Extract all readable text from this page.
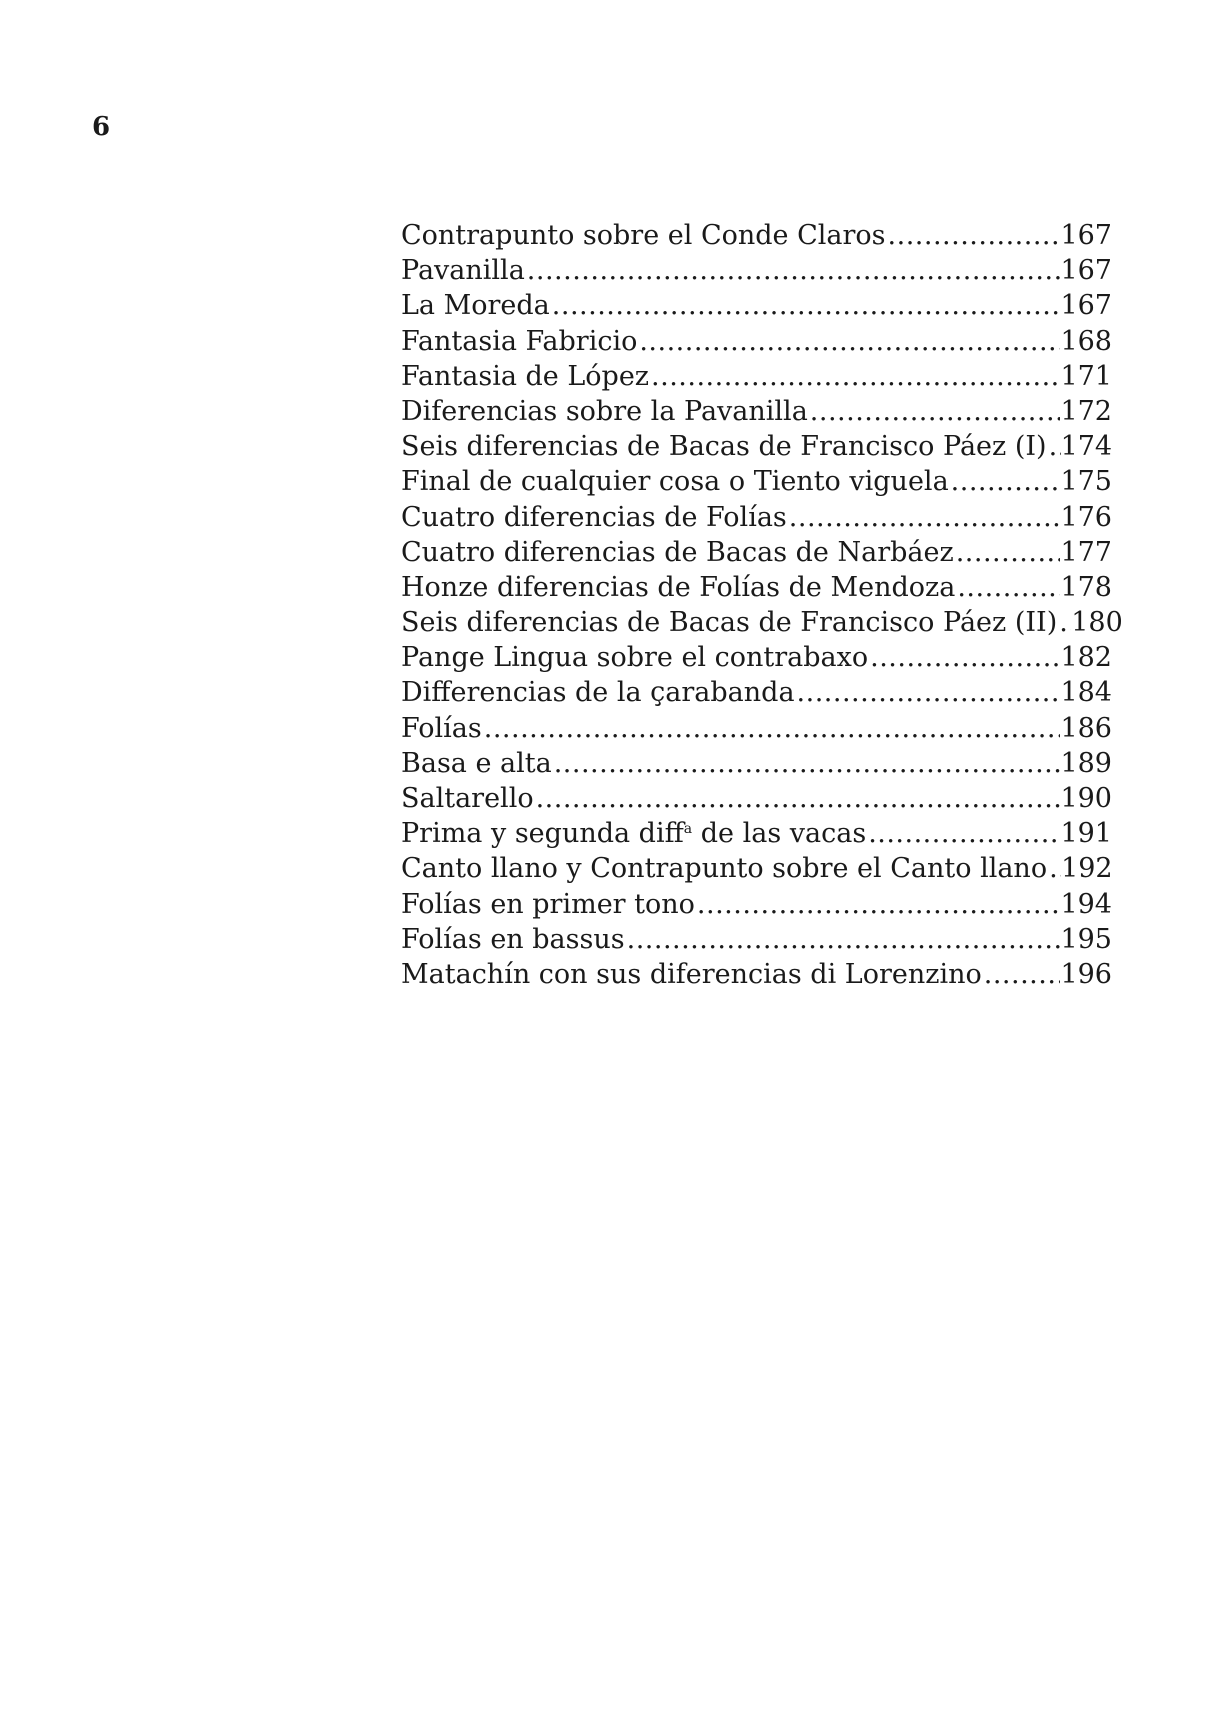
6
Contrapunto sobre el Conde Claros .....	167
Pavanilla .....	167
La Moreda .....	167
Fantasia Fabricio .....	168
Fantasia de López .....	171
Diferencias sobre la Pavanilla .....	172
Seis diferencias de Bacas de Francisco Páez (I) ..... 174
Final de cualquier cosa o Tiento viguela .....	175
Cuatro diferencias de Folías .....	176
Cuatro diferencias de Bacas de Narbáez .....	177
Honze diferencias de Folías de Mendoza .....	178
Seis diferencias de Bacas de Francisco Páez (II) ..... 180
Pange Lingua sobre el contrabaxo .....	182
Differencias de la çarabanda .....	184
Folías .....	186
Basa e alta .....	189
Saltarello .....	190
Prima y segunda diff$^a$ de las vacas .....	191
Canto llano y Contrapunto sobre el Canto llano ..... 192
Folías en primer tono .....	194
Folías en bassus .....	195
Matachín con sus diferencias di Lorenzino .....	196
